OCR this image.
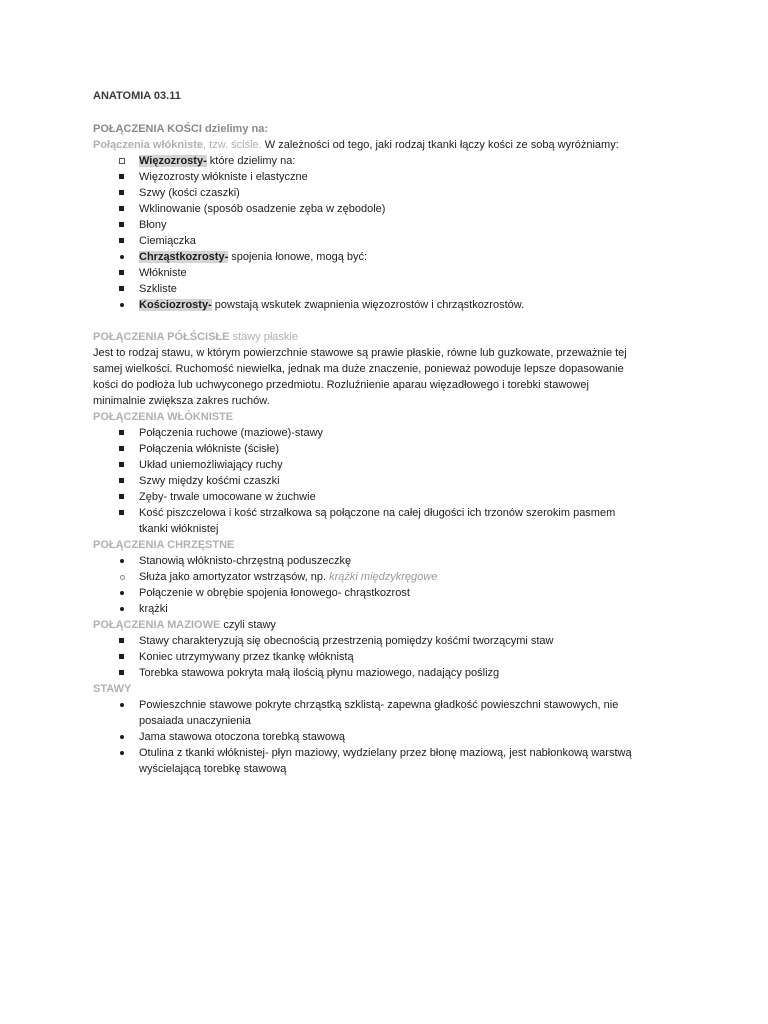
ANATOMIA 03.11

POŁĄCZENIA KOŚCI dzielimy na:

Połączenia włókniste, tzw. ściśle. W zależności od tego, jaki rodzaj tkanki łączy kości ze sobą wyróżniamy:

Więzozrosty- które dzielimy na:
Więzozrosty włókniste i elastyczne
Szwy (kości czaszki)
Wklinowanie (sposób osadzenie zęba w zębodole)
Błony
Ciemiączka
Chrząstkozrosty- spojenia łonowe, mogą być:
Włókniste
Szkliste
Kościozrosty- powstają wskutek zwapnienia więzozrostów i chrząstkozrostów.

POŁĄCZENIA PÓŁŚCISŁE stawy płaskie

Jest to rodzaj stawu, w którym powierzchnie stawowe są prawie płaskie, równe lub guzkowate, przeważnie tej

samej wielkości. Ruchomość niewielka, jednak ma duże znaczenie, ponieważ powoduje lepsze dopasowanie

kości do podłoża lub uchwyconego przedmiotu. Rozluźnienie aparau więzadłowego i torebki stawowej

minimalnie zwiększa zakres ruchów.

POŁĄCZENIA WŁÓKNISTE

Połączenia ruchowe (maziowe)-stawy
Połączenia włókniste (ścisłe)
Układ uniemożliwiający ruchy
Szwy między kośćmi czaszki
Zęby- trwale umocowane w żuchwie
Kość piszczelowa i kość strzałkowa są połączone na całej długości ich trzonów szerokim pasmem
tkanki włóknistej

POŁĄCZENIA CHRZĘSTNE

Stanowią włóknisto-chrzęstną poduszeczkę
Służa jako amortyzator wstrząsów, np. krążki międzykręgowe
Połączenie w obrębie spojenia łonowego- chrąstkozrost
krążki

POŁĄCZENIA MAZIOWE czyli stawy

Stawy charakteryzują się obecnością przestrzenią pomiędzy kośćmi tworzącymi staw
Koniec utrzymywany przez tkankę włóknistą
Torebka stawowa pokryta małą ilością płynu maziowego, nadający poślizg

STAWY

Powieszchnie stawowe pokryte chrząstką szklistą- zapewna gładkość powieszchni stawowych, nie
posaiada unaczynienia
Jama stawowa otoczona torebką stawową
Otulina z tkanki włóknistej- płyn maziowy, wydzielany przez błonę maziową, jest nabłonkową warstwą
wyścielającą torebkę stawową
